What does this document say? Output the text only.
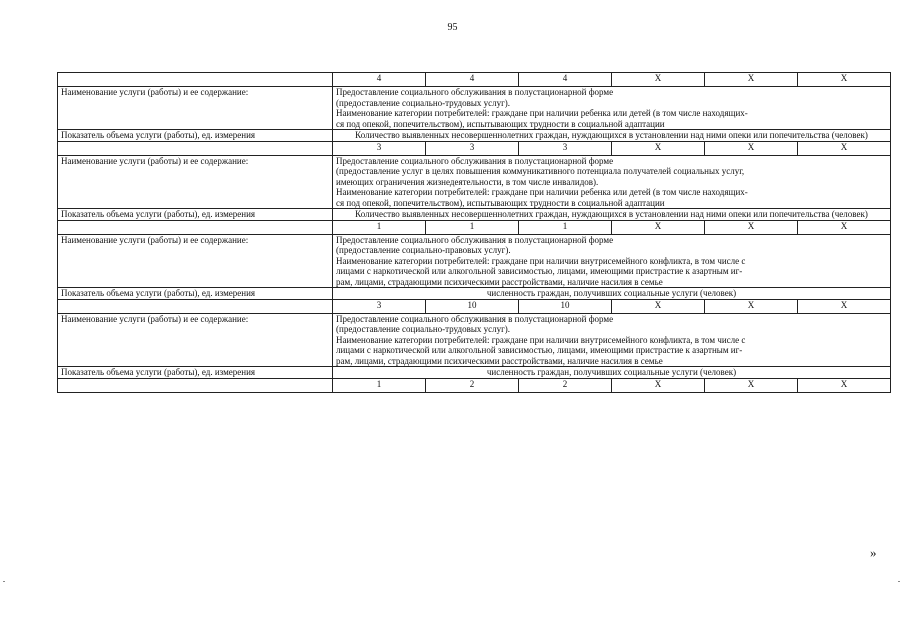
95
	4	4	4	X	X	X
Наименование услуги (работы) и ее содержание:	Предоставление социального обслуживания в полустационарной форме
(предоставление социально-трудовых услуг).
Наименование категории потребителей: граждане при наличии ребенка или детей (в том числе находящих-
ся под опекой, попечительством), испытывающих трудности в социальной адаптации					

Показатель объема услуги (работы), ед. измерения	Количество выявленных несовершеннолетних граждан, нуждающихся в установлении над ними опеки или попечительства (человек)					
	3	3	3	X	X	X
Наименование услуги (работы) и ее содержание:	Предоставление социального обслуживания в полустационарной форме
(предоставление услуг в целях повышения коммуникативного потенциала получателей социальных услуг,
имеющих ограничения жизнедеятельности, в том числе инвалидов).
Наименование категории потребителей: граждане при наличии ребенка или детей (в том числе находящих-
ся под опекой, попечительством), испытывающих трудности в социальной адаптации					

Показатель объема услуги (работы), ед. измерения	Количество выявленных несовершеннолетних граждан, нуждающихся в установлении над ними опеки или попечительства (человек)					
	1	1	1	X	X	X
Наименование услуги (работы) и ее содержание:	Предоставление социального обслуживания в полустационарной форме
(предоставление социально-правовых услуг).
Наименование категории потребителей: граждане при наличии внутрисемейного конфликта, в том числе с
лицами с наркотической или алкогольной зависимостью, лицами, имеющими пристрастие к азартным иг-
рам, лицами, страдающими психическими расстройствами, наличие насилия в семье					

Показатель объема услуги (работы), ед. измерения	численность граждан, получивших социальные услуги (человек)					
	3	10	10	X	X	X
Наименование услуги (работы) и ее содержание:	Предоставление социального обслуживания в полустационарной форме
(предоставление социально-трудовых услуг).
Наименование категории потребителей: граждане при наличии внутрисемейного конфликта, в том числе с
лицами с наркотической или алкогольной зависимостью, лицами, имеющими пристрастие к азартным иг-
рам, лицами, страдающими психическими расстройствами, наличие насилия в семье					

Показатель объема услуги (работы), ед. измерения	численность граждан, получивших социальные услуги (человек)					
	1	2	2	X	X	X
»
